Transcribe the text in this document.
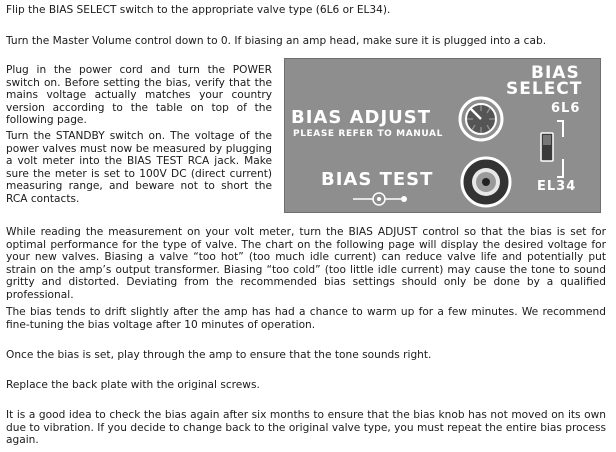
Flip the BIAS SELECT switch to the appropriate valve type (6L6 or EL34).

Turn the Master Volume control down to 0. If biasing an amp head, make sure it is plugged into a cab.

Plug in the power cord and turn the POWER switch on. Before setting the bias, verify that the mains voltage actually matches your country version according to the table on top of the following page.

Turn the STANDBY switch on. The voltage of the power valves must now be measured by plugging a volt meter into the BIAS TEST RCA jack. Make sure the meter is set to 100V DC (direct current) measuring range, and beware not to short the RCA contacts.

While reading the measurement on your volt meter, turn the BIAS ADJUST control so that the bias is set for optimal performance for the type of valve. The chart on the following page will display the desired voltage for your new valves. Biasing a valve “too hot” (too much idle current) can reduce valve life and potentially put strain on the amp’s output transformer. Biasing “too cold” (too little idle current) may cause the tone to sound gritty and distorted. Deviating from the recommended bias settings should only be done by a qualified professional.

The bias tends to drift slightly after the amp has had a chance to warm up for a few minutes. We recommend fine-tuning the bias voltage after 10 minutes of operation.

Once the bias is set, play through the amp to ensure that the tone sounds right.

Replace the back plate with the original screws.

It is a good idea to check the bias again after six months to ensure that the bias knob has not moved on its own due to vibration. If you decide to change back to the original valve type, you must repeat the entire bias process again.

BIAS
SELECT
6L6
EL34
BIAS ADJUST
PLEASE REFER TO MANUAL
BIAS TEST
